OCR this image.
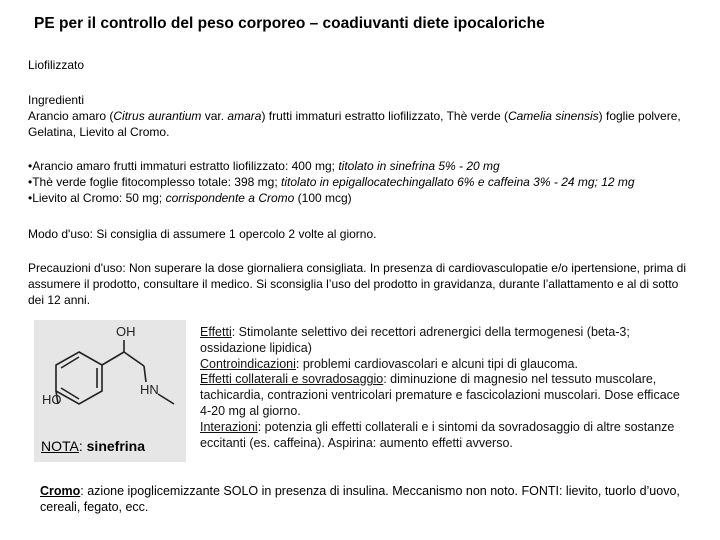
PE per il controllo del peso corporeo – coadiuvanti diete ipocaloriche
Liofilizzato
Ingredienti
Arancio amaro (Citrus aurantium var. amara) frutti immaturi estratto liofilizzato, Thè verde (Camelia sinensis) foglie polvere, Gelatina, Lievito al Cromo.
•Arancio amaro frutti immaturi estratto liofilizzato: 400 mg; titolato in sinefrina 5% - 20 mg
•Thè verde foglie fitocomplesso totale: 398 mg; titolato in epigallocatechingallato 6% e caffeina 3% - 24 mg; 12 mg
•Lievito al Cromo: 50 mg; corrispondente a Cromo (100 mcg)
Modo d'uso: Si consiglia di assumere 1 opercolo 2 volte al giorno.
Precauzioni d'uso: Non superare la dose giornaliera consigliata. In presenza di cardiovasculopatie e/o ipertensione, prima di assumere il prodotto, consultare il medico. Si sconsiglia l’uso del prodotto in gravidanza, durante l’allattamento e al di sotto dei 12 anni.
OH
HN
HO
NOTA: sinefrina
Effetti: Stimolante selettivo dei recettori adrenergici della termogenesi (beta-3; ossidazione lipidica)
Controindicazioni: problemi cardiovascolari e alcuni tipi di glaucoma.
Effetti collaterali e sovradosaggio: diminuzione di magnesio nel tessuto muscolare, tachicardia, contrazioni ventricolari premature e fascicolazioni muscolari. Dose efficace 4-20 mg al giorno.
Interazioni: potenzia gli effetti collaterali e i sintomi da sovradosaggio di altre sostanze eccitanti (es. caffeina). Aspirina: aumento effetti avverso.
Cromo: azione ipoglicemizzante SOLO in presenza di insulina. Meccanismo non noto. FONTI: lievito, tuorlo d’uovo, cereali, fegato, ecc.
